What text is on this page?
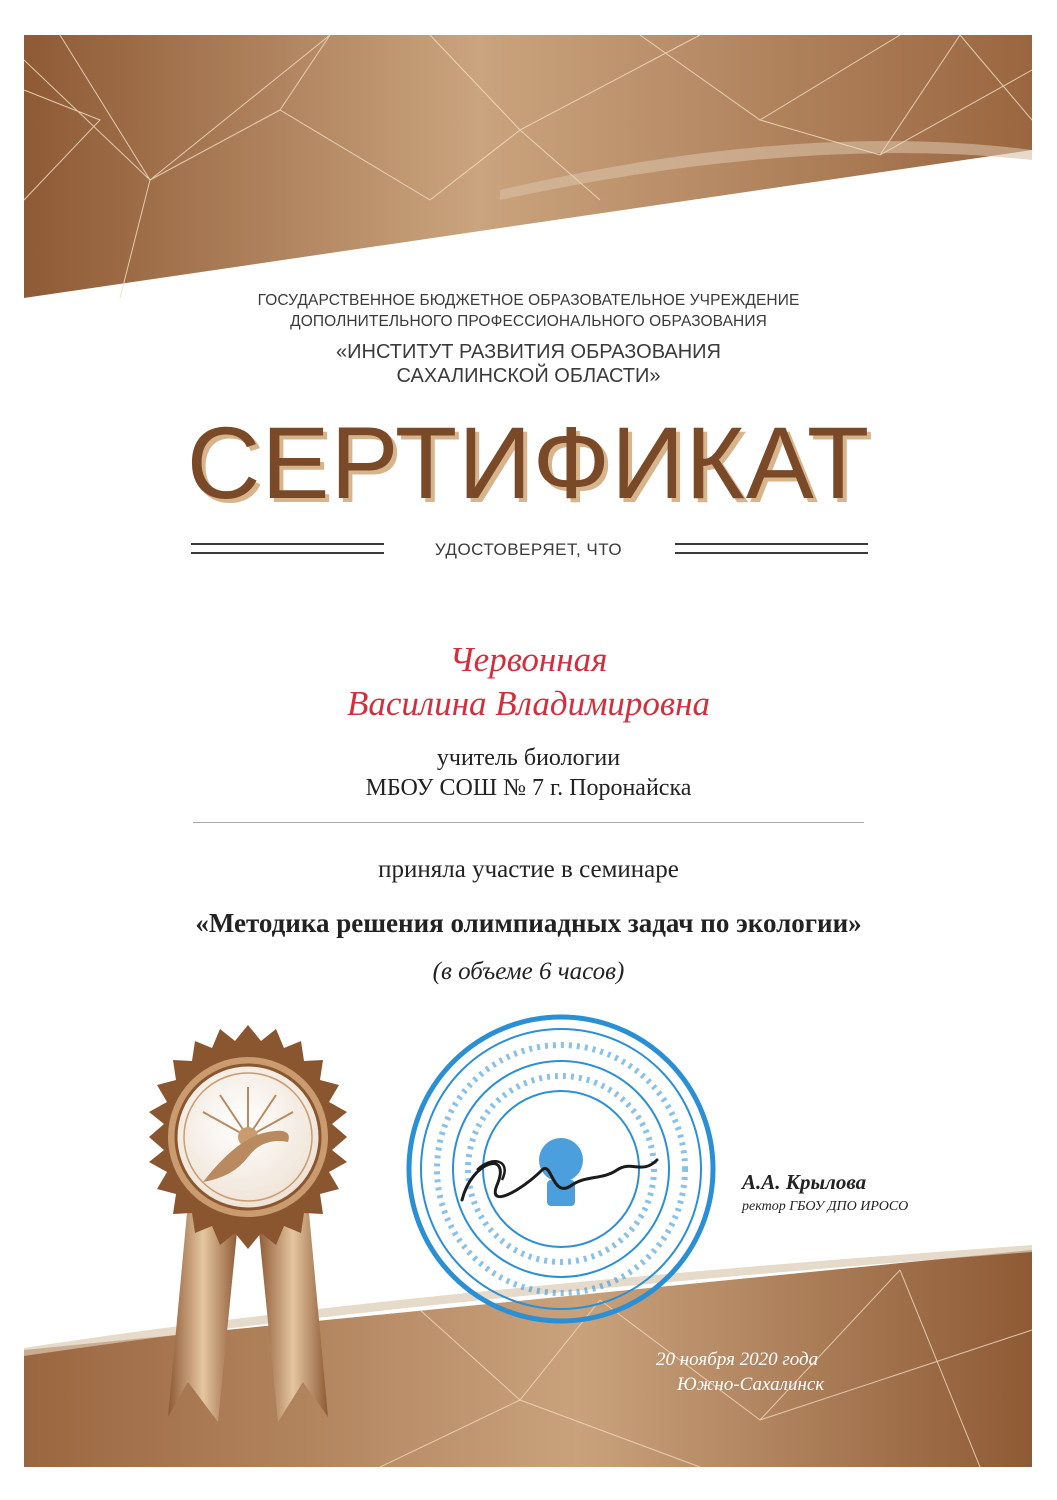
ГОСУДАРСТВЕННОЕ БЮДЖЕТНОЕ ОБРАЗОВАТЕЛЬНОЕ УЧРЕЖДЕНИЕ
ДОПОЛНИТЕЛЬНОГО ПРОФЕССИОНАЛЬНОГО ОБРАЗОВАНИЯ
«ИНСТИТУТ РАЗВИТИЯ ОБРАЗОВАНИЯ
САХАЛИНСКОЙ ОБЛАСТИ»
СЕРТИФИКАТ
УДОСТОВЕРЯЕТ, ЧТО
Червонная
Василина Владимировна
учитель биологии
МБОУ СОШ № 7 г. Поронайска
приняла участие в семинаре
«Методика решения олимпиадных задач по экологии»
(в объеме 6 часов)
А.А. Крылова
ректор ГБОУ ДПО ИРОСО
20 ноября 2020 года
Южно-Сахалинск
